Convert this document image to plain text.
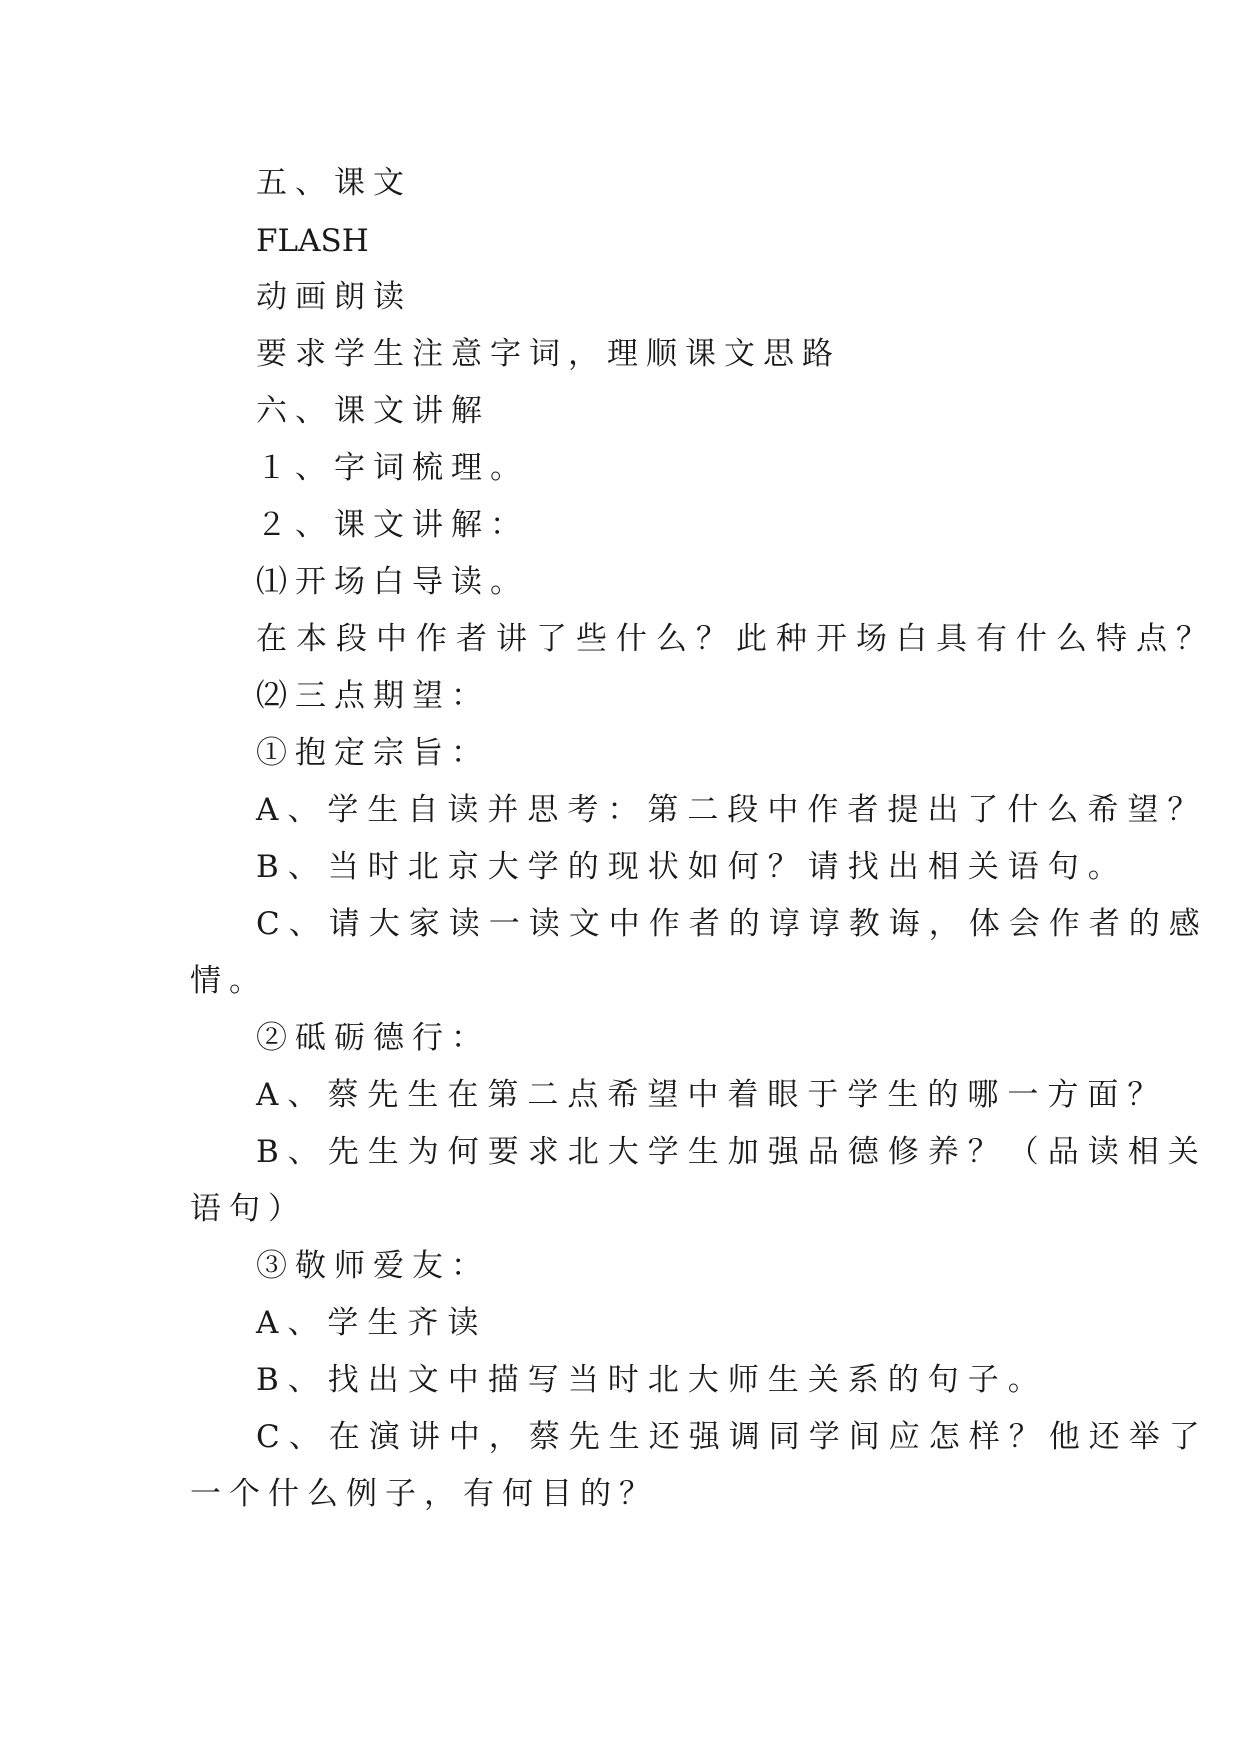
五、课文

FLASH

动画朗读

要求学生注意字词，理顺课文思路

六、课文讲解

１、字词梳理。

２、课文讲解：

⑴开场白导读。

在本段中作者讲了些什么？此种开场白具有什么特点？

⑵三点期望：

①抱定宗旨：

A、学生自读并思考：第二段中作者提出了什么希望？

B、当时北京大学的现状如何？请找出相关语句。

C、请大家读一读文中作者的谆谆教诲，体会作者的感

情。

②砥砺德行：

A、蔡先生在第二点希望中着眼于学生的哪一方面？

B、先生为何要求北大学生加强品德修养？（品读相关

语句）

③敬师爱友：

A、学生齐读

B、找出文中描写当时北大师生关系的句子。

C、在演讲中，蔡先生还强调同学间应怎样？他还举了

一个什么例子，有何目的？
